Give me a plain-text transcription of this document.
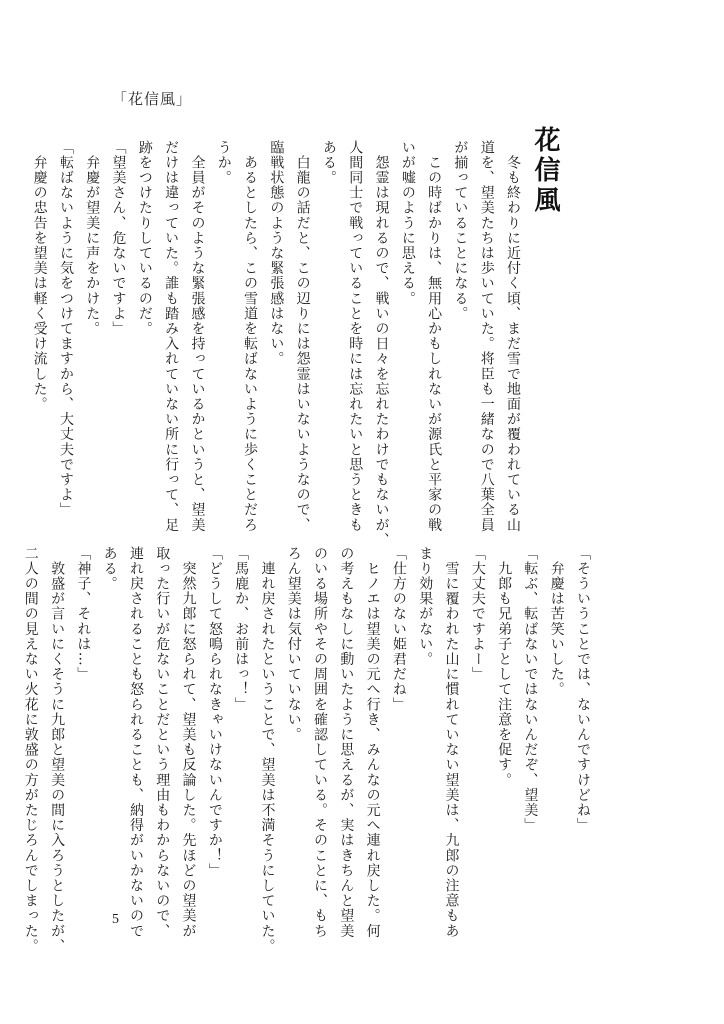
「花信風」
花信風
　冬も終わりに近付く頃、まだ雪で地面が覆われている山
道を、望美たちは歩いていた。将臣も一緒なので八葉全員
が揃っていることになる。
　この時ばかりは、無用心かもしれないが源氏と平家の戦
いが嘘のように思える。
　怨霊は現れるので、戦いの日々を忘れたわけでもないが、
人間同士で戦っていることを時には忘れたいと思うときも
ある。
　白龍の話だと、この辺りには怨霊はいないようなので、
臨戦状態のような緊張感はない。
　あるとしたら、この雪道を転ばないように歩くことだろ
うか。
　全員がそのような緊張感を持っているかというと、望美
だけは違っていた。誰も踏み入れていない所に行って、足
跡をつけたりしているのだ。
「望美さん、危ないですよ」
　弁慶が望美に声をかけた。
「転ばないように気をつけてますから、大丈夫ですよ」
　弁慶の忠告を望美は軽く受け流した。
「そういうことでは、ないんですけどね」
　弁慶は苦笑いした。
「転ぶ、転ばないではないんだぞ、望美」
　九郎も兄弟子として注意を促す。
「大丈夫ですよー」
　雪に覆われた山に慣れていない望美は、九郎の注意もあ
まり効果がない。
「仕方のない姫君だね」
　ヒノエは望美の元へ行き、みんなの元へ連れ戻した。何
の考えもなしに動いたように思えるが、実はきちんと望美
のいる場所やその周囲を確認している。そのことに、もち
ろん望美は気付いていない。
　連れ戻されたということで、望美は不満そうにしていた。
「馬鹿か、お前はっ！」
「どうして怒鳴られなきゃいけないんですか！」
　突然九郎に怒られて、望美も反論した。先ほどの望美が
取った行いが危ないことだという理由もわからないので、
連れ戻されることも怒られることも、納得がいかないので
ある。
「神子、それは…」
　敦盛が言いにくそうに九郎と望美の間に入ろうとしたが、
二人の間の見えない火花に敦盛の方がたじろんでしまった。	5
